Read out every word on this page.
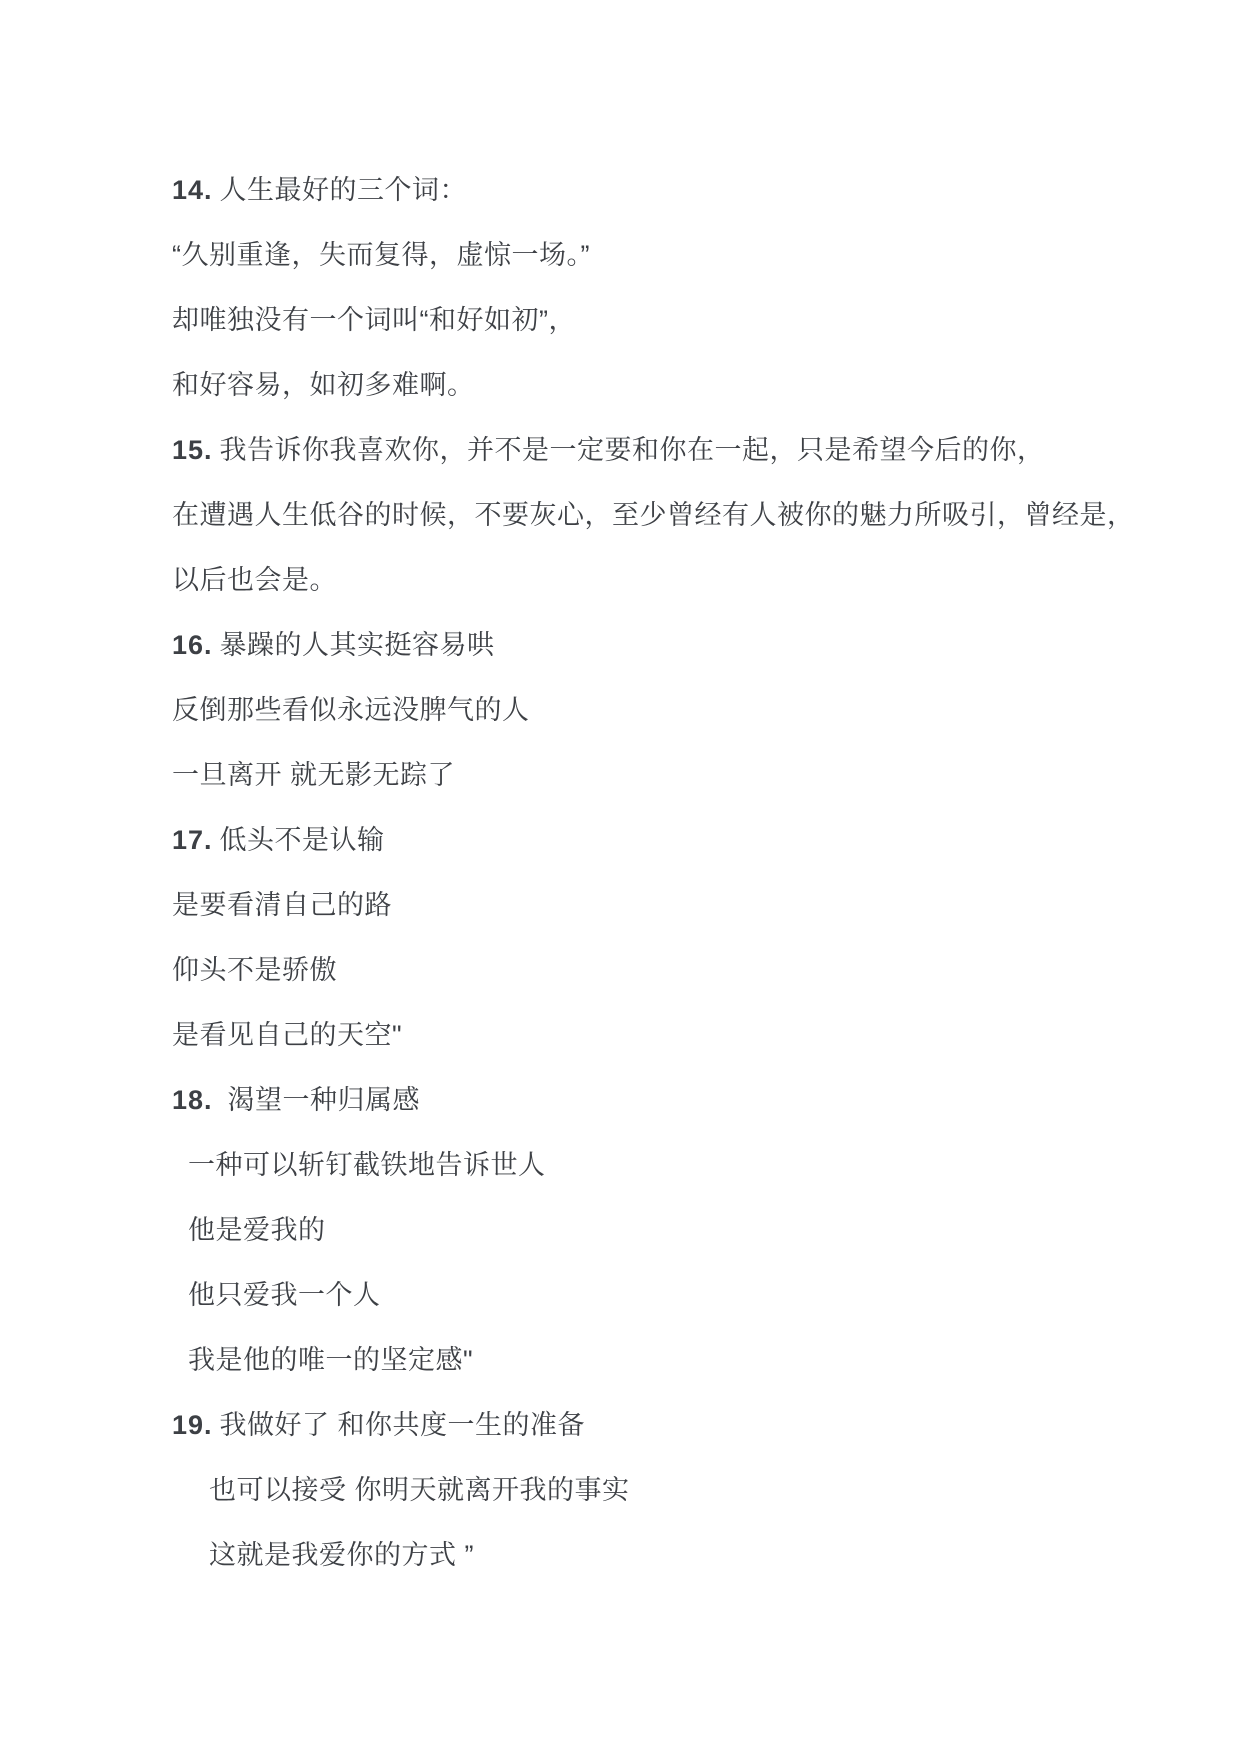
14. 人生最好的三个词：

“久别重逢，失而复得，虚惊一场。”

却唯独没有一个词叫“和好如初”，

和好容易，如初多难啊。

15. 我告诉你我喜欢你，并不是一定要和你在一起，只是希望今后的你，

在遭遇人生低谷的时候，不要灰心，至少曾经有人被你的魅力所吸引，曾经是，

以后也会是。

16. 暴躁的人其实挺容易哄

反倒那些看似永远没脾气的人

一旦离开 就无影无踪了

17. 低头不是认输

是要看清自己的路

仰头不是骄傲

是看见自己的天空"

18. 渴望一种归属感

一种可以斩钉截铁地告诉世人

他是爱我的

他只爱我一个人

我是他的唯一的坚定感"

19. 我做好了 和你共度一生的准备

也可以接受 你明天就离开我的事实

这就是我爱你的方式 ”
